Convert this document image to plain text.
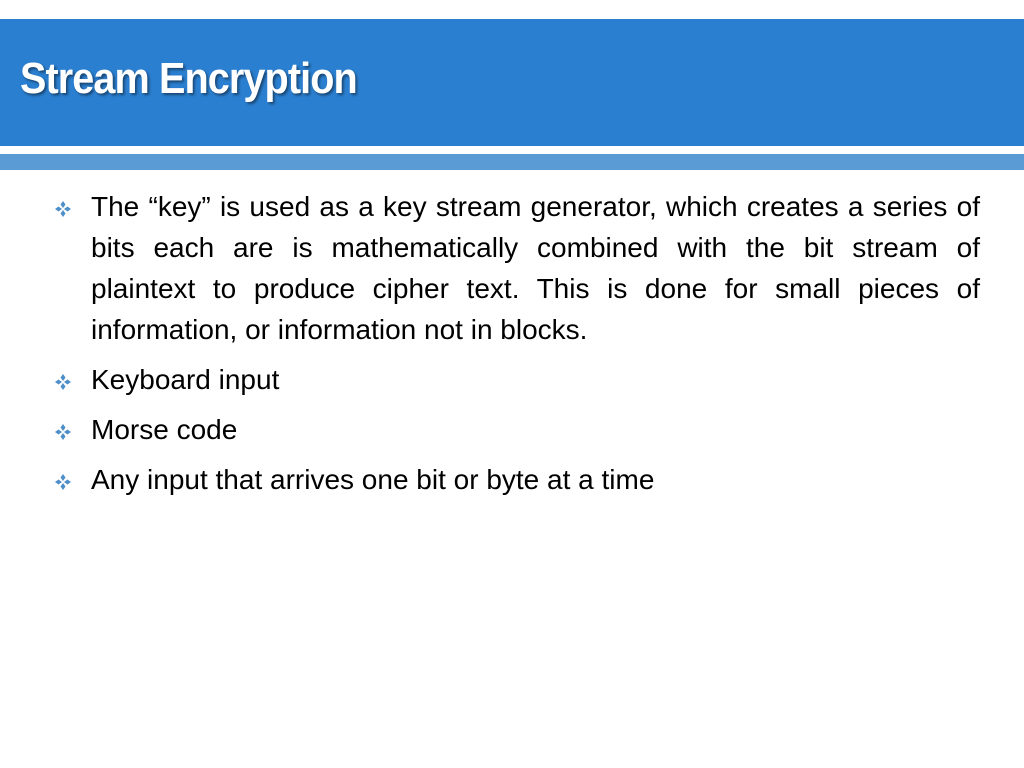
Stream Encryption
The “key” is used as a key stream generator, which creates a series of bits each are is mathematically combined with the bit stream of plaintext to produce cipher text. This is done for small pieces of information, or information not in blocks.
Keyboard input
Morse code
Any input that arrives one bit or byte at a time
